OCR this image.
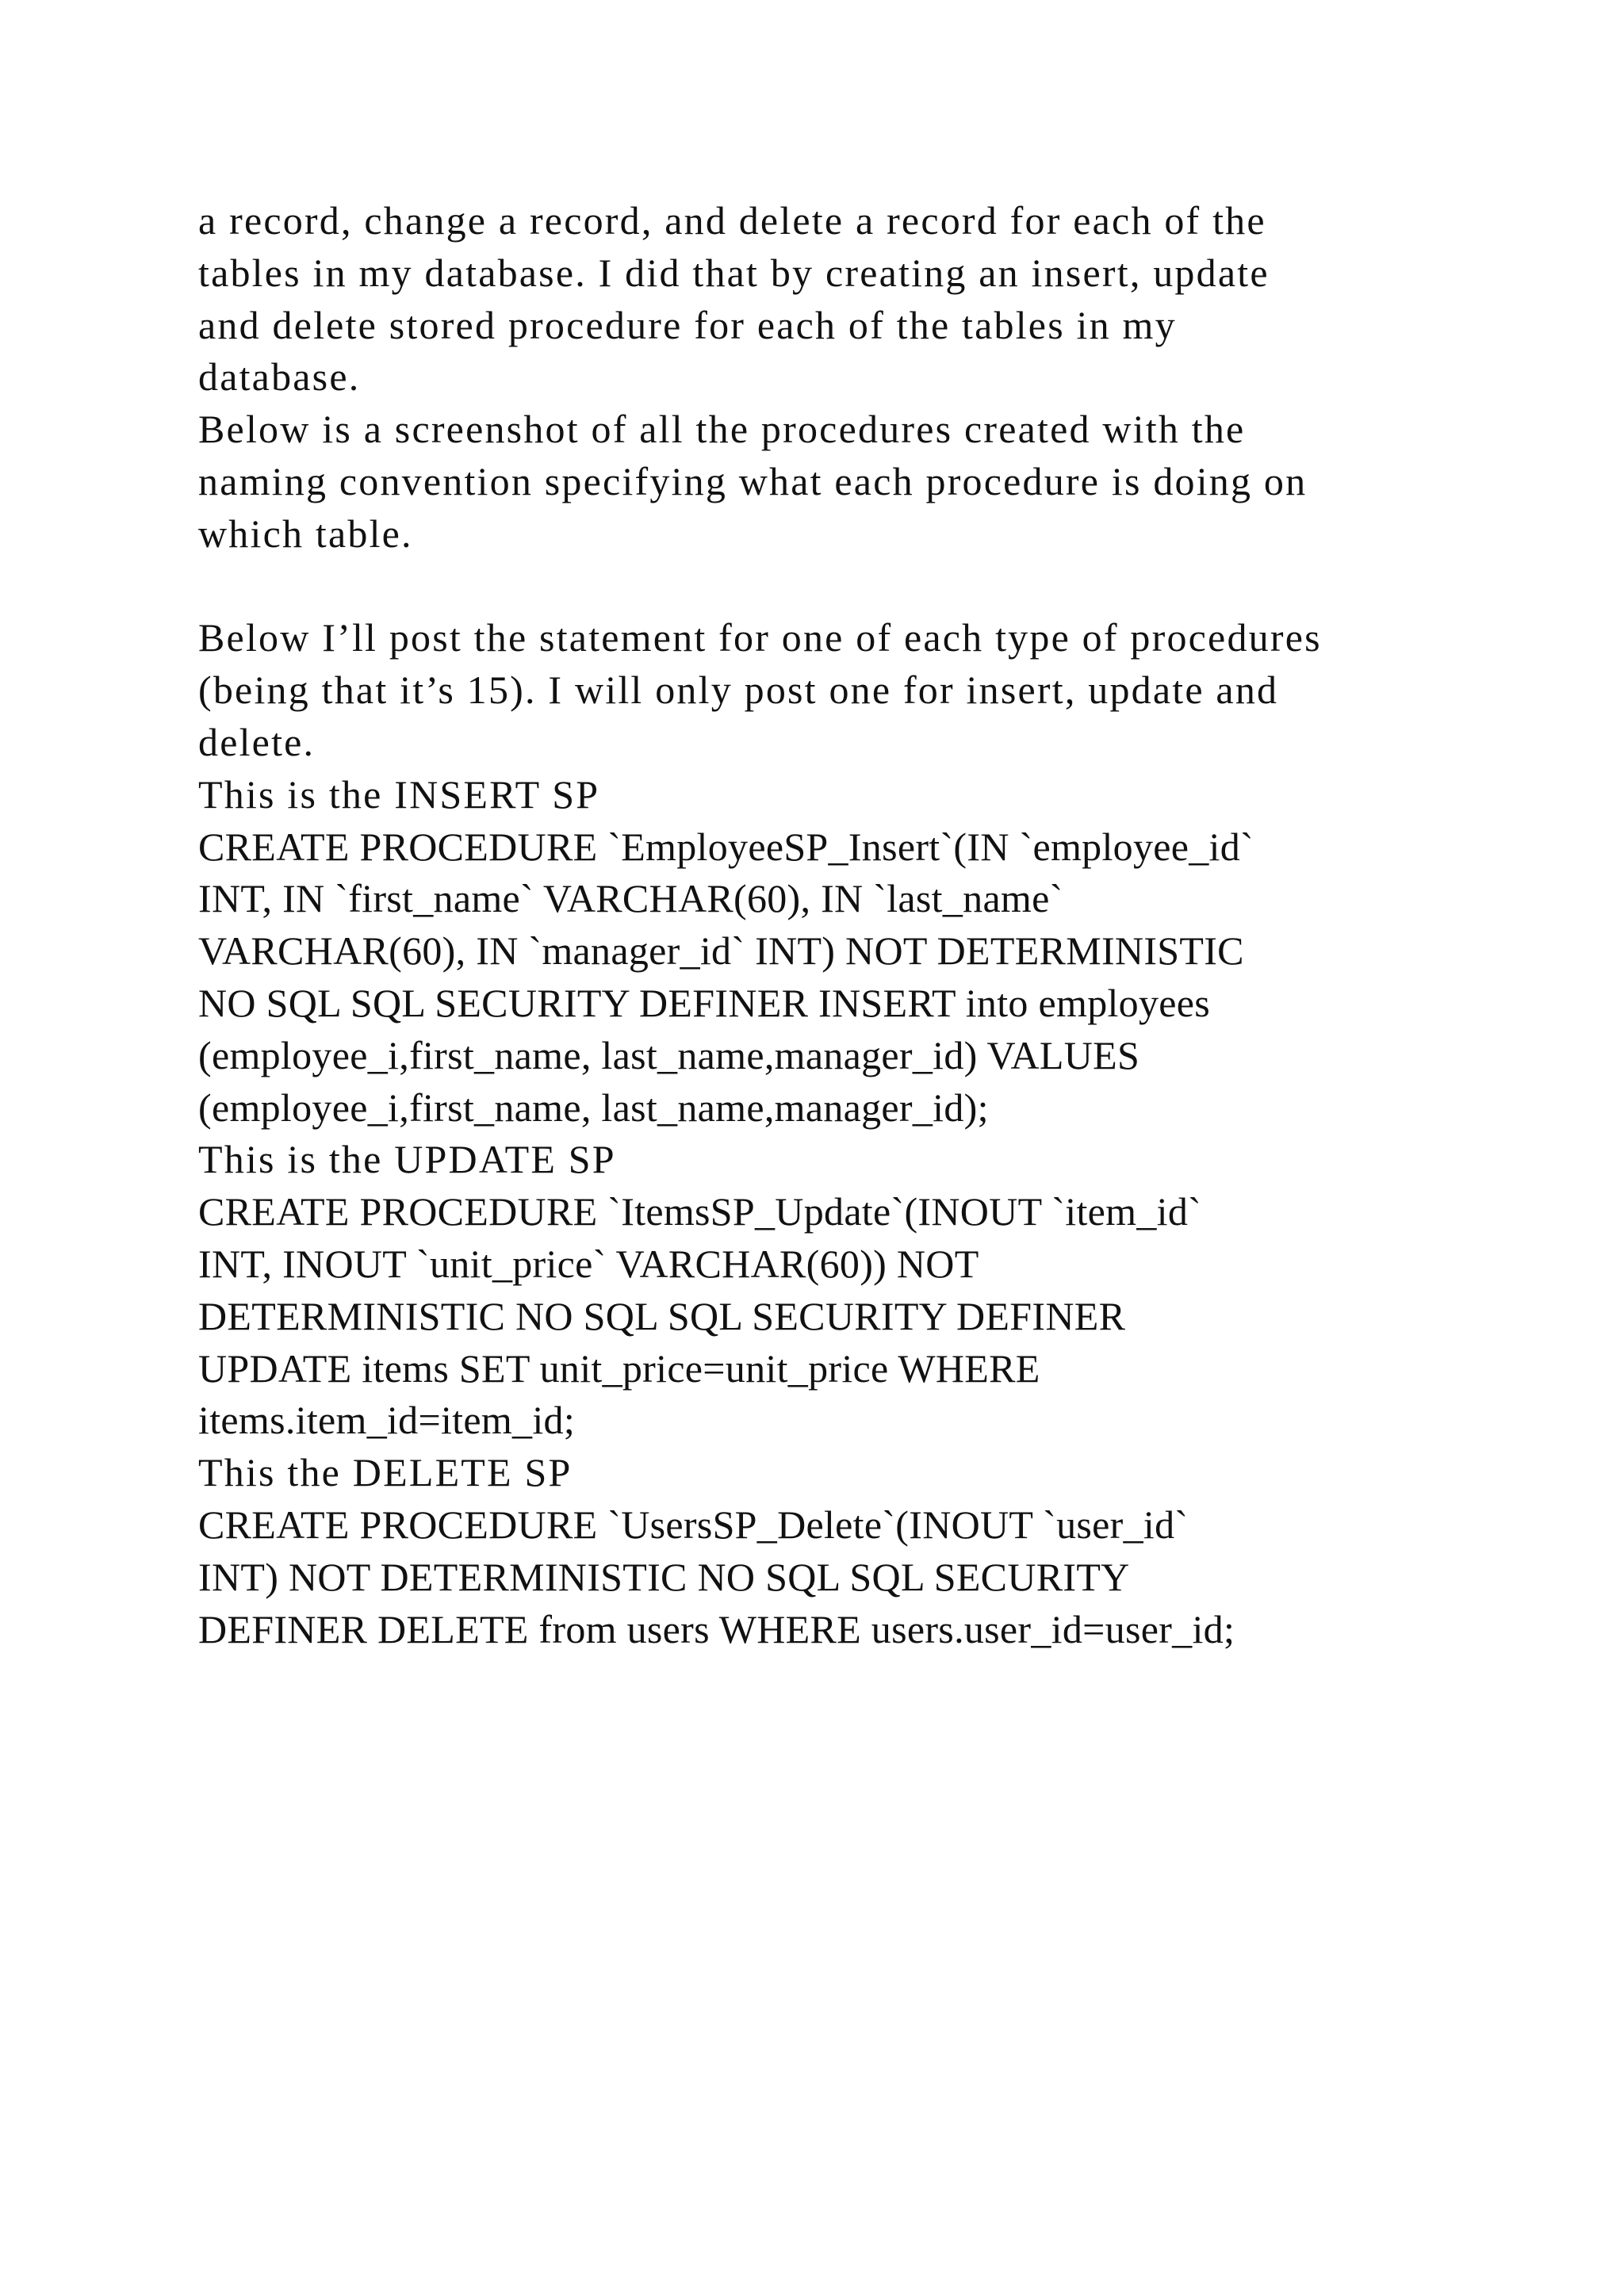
a record, change a record, and delete a record for each of the
tables in my database. I did that by creating an insert, update
and delete stored procedure for each of the tables in my
database.
Below is a screenshot of all the procedures created with the
naming convention specifying what each procedure is doing on
which table.
Below I’ll post the statement for one of each type of procedures
(being that it’s 15). I will only post one for insert, update and
delete.
This is the INSERT SP
CREATE PROCEDURE `EmployeeSP_Insert`(IN `employee_id`
INT, IN `first_name` VARCHAR(60), IN `last_name`
VARCHAR(60), IN `manager_id` INT) NOT DETERMINISTIC
NO SQL SQL SECURITY DEFINER INSERT into employees
(employee_i,first_name, last_name,manager_id) VALUES
(employee_i,first_name, last_name,manager_id);
This is the UPDATE SP
CREATE PROCEDURE `ItemsSP_Update`(INOUT `item_id`
INT, INOUT `unit_price` VARCHAR(60)) NOT
DETERMINISTIC NO SQL SQL SECURITY DEFINER
UPDATE items SET unit_price=unit_price WHERE
items.item_id=item_id;
This the DELETE SP
CREATE PROCEDURE `UsersSP_Delete`(INOUT `user_id`
INT) NOT DETERMINISTIC NO SQL SQL SECURITY
DEFINER DELETE from users WHERE users.user_id=user_id;
